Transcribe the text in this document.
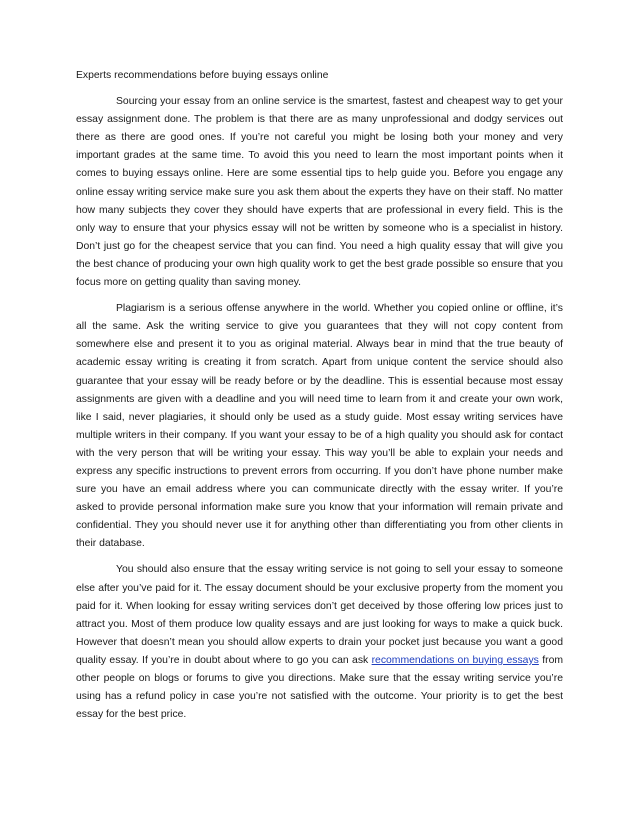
Experts recommendations before buying essays online

Sourcing your essay from an online service is the smartest, fastest and cheapest way to get your essay assignment done. The problem is that there are as many unprofessional and dodgy services out there as there are good ones. If you’re not careful you might be losing both your money and very important grades at the same time. To avoid this you need to learn the most important points when it comes to buying essays online. Here are some essential tips to help guide you. Before you engage any online essay writing service make sure you ask them about the experts they have on their staff. No matter how many subjects they cover they should have experts that are professional in every field. This is the only way to ensure that your physics essay will not be written by someone who is a specialist in history. Don’t just go for the cheapest service that you can find. You need a high quality essay that will give you the best chance of producing your own high quality work to get the best grade possible so ensure that you focus more on getting quality than saving money.

Plagiarism is a serious offense anywhere in the world. Whether you copied online or offline, it’s all the same. Ask the writing service to give you guarantees that they will not copy content from somewhere else and present it to you as original material. Always bear in mind that the true beauty of academic essay writing is creating it from scratch. Apart from unique content the service should also guarantee that your essay will be ready before or by the deadline. This is essential because most essay assignments are given with a deadline and you will need time to learn from it and create your own work, like I said, never plagiaries, it should only be used as a study guide. Most essay writing services have multiple writers in their company. If you want your essay to be of a high quality you should ask for contact with the very person that will be writing your essay. This way you’ll be able to explain your needs and express any specific instructions to prevent errors from occurring. If you don’t have phone number make sure you have an email address where you can communicate directly with the essay writer. If you’re asked to provide personal information make sure you know that your information will remain private and confidential. They you should never use it for anything other than differentiating you from other clients in their database.

You should also ensure that the essay writing service is not going to sell your essay to someone else after you’ve paid for it. The essay document should be your exclusive property from the moment you paid for it. When looking for essay writing services don’t get deceived by those offering low prices just to attract you. Most of them produce low quality essays and are just looking for ways to make a quick buck. However that doesn’t mean you should allow experts to drain your pocket just because you want a good quality essay. If you’re in doubt about where to go you can ask recommendations on buying essays from other people on blogs or forums to give you directions. Make sure that the essay writing service you’re using has a refund policy in case you’re not satisfied with the outcome. Your priority is to get the best essay for the best price.
